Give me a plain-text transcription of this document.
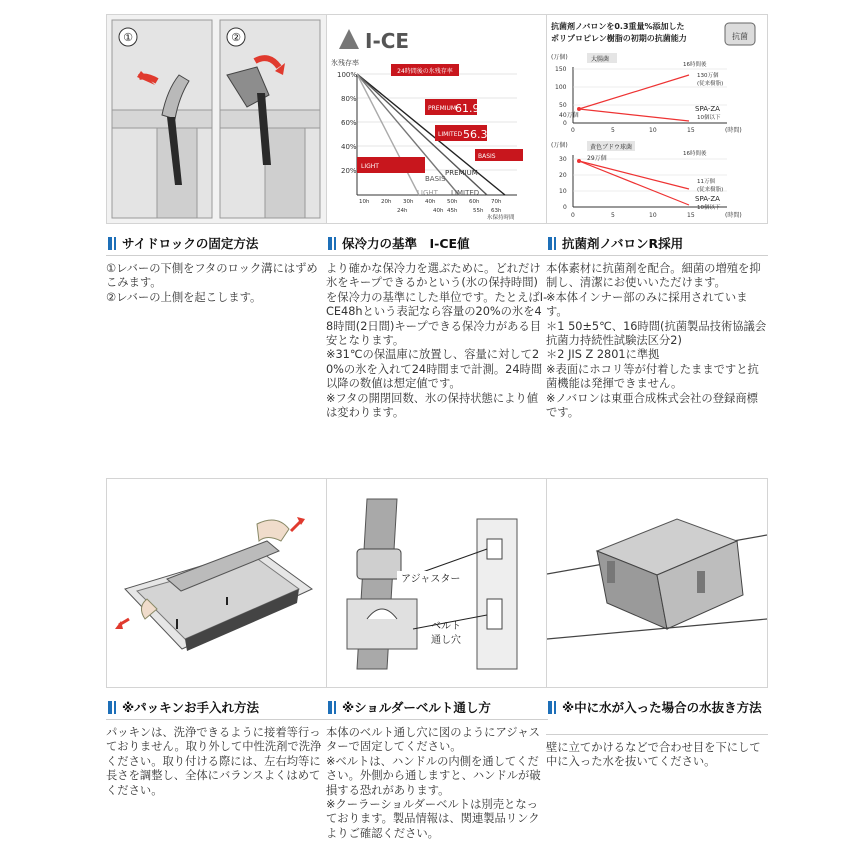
①	②
サイドロックの固定方法
①レバーの下側をフタのロック溝にはずめこみます。
②レバーの上側を起こします。
I-CE
氷残存率
100%
80%
60%
40%
20%
24時間後の氷残存率
PREMIUM
61.9
LIMITED 56.3
BASIS
LIGHT
PREMIUM
BASIS
LIMITED
LIGHT
10h 20h 30h 40h 50h 60h 70h
24h	40h 45h	55h 63h
氷保持時間
保冷力の基準　I-CE値
より確かな保冷力を選ぶために。どれだけ氷をキープできるかという(氷の保持時間)を保冷力の基準にした単位です。たとえばI-CE48hという表記なら容量の20%の氷を48時間(2日間)キープできる保冷力がある目安となります。
※31℃の保温庫に放置し、容量に対して20%の氷を入れて24時間まで計測。24時間以降の数値は想定値です。
※フタの開閉回数、氷の保持状態により値は変わります。
抗菌剤ノバロンを0.3重量%添加した
ポリプロピレン樹脂の初期の抗菌能力	抗菌
(万個)	大腸菌
150
100
50
0
40万個
16時間後
130万個
(従来樹脂)
SPA-ZA
10個以下
0	5	10	15	(時間)
(万個)	黄色ブドウ球菌
30
20
10
0
29万個
16時間後
11万個
(従来樹脂)
SPA-ZA
10個以下
0	5	10	15	(時間)
抗菌剤ノバロンR採用
本体素材に抗菌剤を配合。細菌の増殖を抑制し、清潔にお使いいただけます。
※本体インナー部のみに採用されています。
＊1 50±5℃、16時間(抗菌製品技術協議会 抗菌力持続性試験法区分2)
＊2 JIS Z 2801に準拠
※表面にホコリ等が付着したままですと抗菌機能は発揮できません。
※ノバロンは東亜合成株式会社の登録商標です。
※パッキンお手入れ方法
パッキンは、洗浄できるように接着等行っておりません。取り外して中性洗剤で洗浄ください。取り付ける際には、左右均等に長さを調整し、全体にバランスよくはめてください。
アジャスター
ベルト
通し穴
※ショルダーベルト通し方
本体のベルト通し穴に図のようにアジャスターで固定してください。
※ベルトは、ハンドルの内側を通してください。外側から通しますと、ハンドルが破損する恐れがあります。
※クーラーショルダーベルトは別売となっております。製品情報は、関連製品リンクよりご確認ください。
※中に水が入った場合の水抜き方法
壁に立てかけるなどで合わせ目を下にして中に入った水を抜いてください。
